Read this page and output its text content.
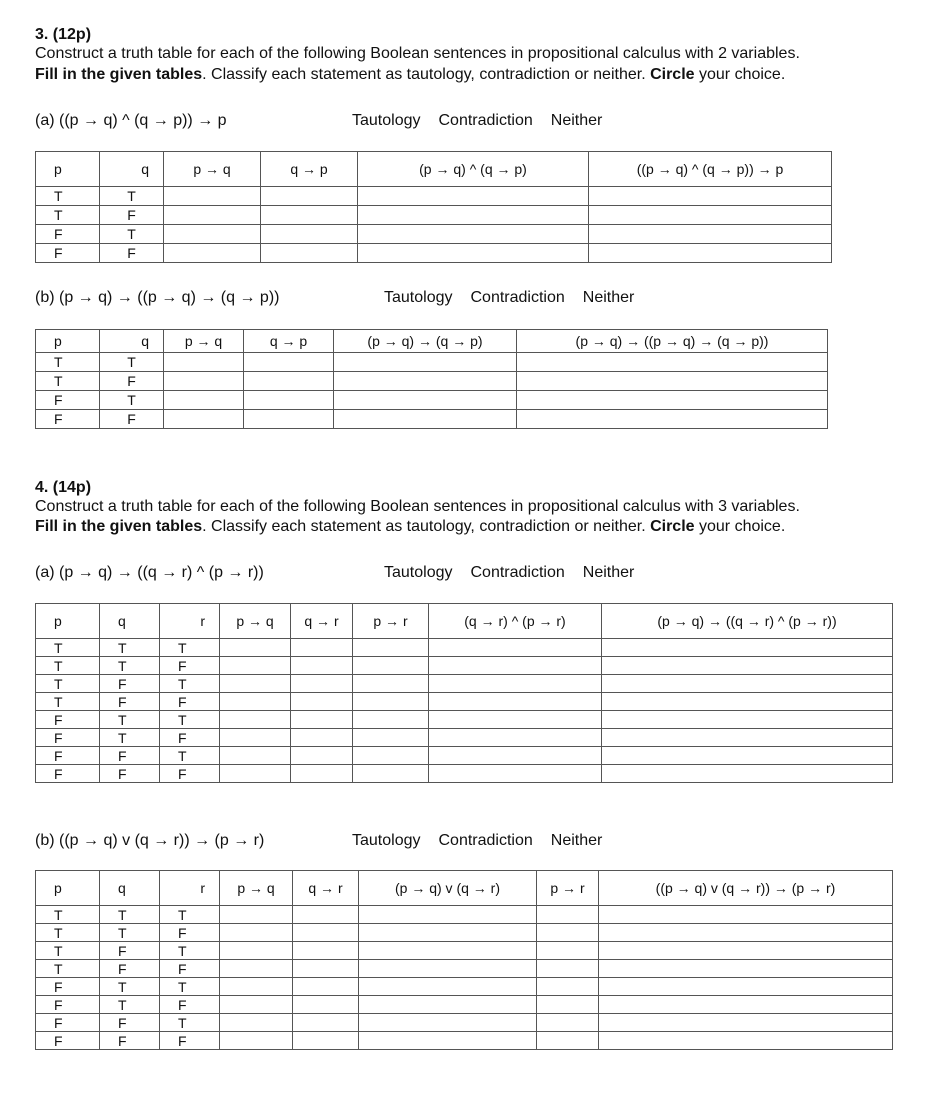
3. (12p)
Construct a truth table for each of the following Boolean sentences in propositional calculus with 2 variables.
Fill in the given tables. Classify each statement as tautology, contradiction or neither. Circle your choice.
(a) ((p → q) ^ (q → p)) → p	Tautology Contradiction Neither
p	q	p → q	q → p	(p → q) ^ (q → p)	((p → q) ^ (q → p)) → p
T	T				
T	F				
F	T				
F	F				
(b) (p → q) → ((p → q) → (q → p))	Tautology Contradiction Neither
p	q	p → q	q → p	(p → q) → (q → p)	(p → q) → ((p → q) → (q → p))
T	T				
T	F				
F	T				
F	F				
4. (14p)
Construct a truth table for each of the following Boolean sentences in propositional calculus with 3 variables.
Fill in the given tables. Classify each statement as tautology, contradiction or neither. Circle your choice.
(a) (p → q) → ((q → r) ^ (p → r))	Tautology Contradiction Neither
p	q	r	p → q	q → r	p → r	(q → r) ^ (p → r)	(p → q) → ((q → r) ^ (p → r))
T	T	T					
T	T	F					
T	F	T					
T	F	F					
F	T	T					
F	T	F					
F	F	T					
F	F	F					
(b) ((p → q) v (q → r)) → (p → r)	Tautology Contradiction Neither
p	q	r	p → q	q → r	(p → q) v (q → r)	p → r	((p → q) v (q → r)) → (p → r)
T	T	T					
T	T	F					
T	F	T					
T	F	F					
F	T	T					
F	T	F					
F	F	T					
F	F	F					
